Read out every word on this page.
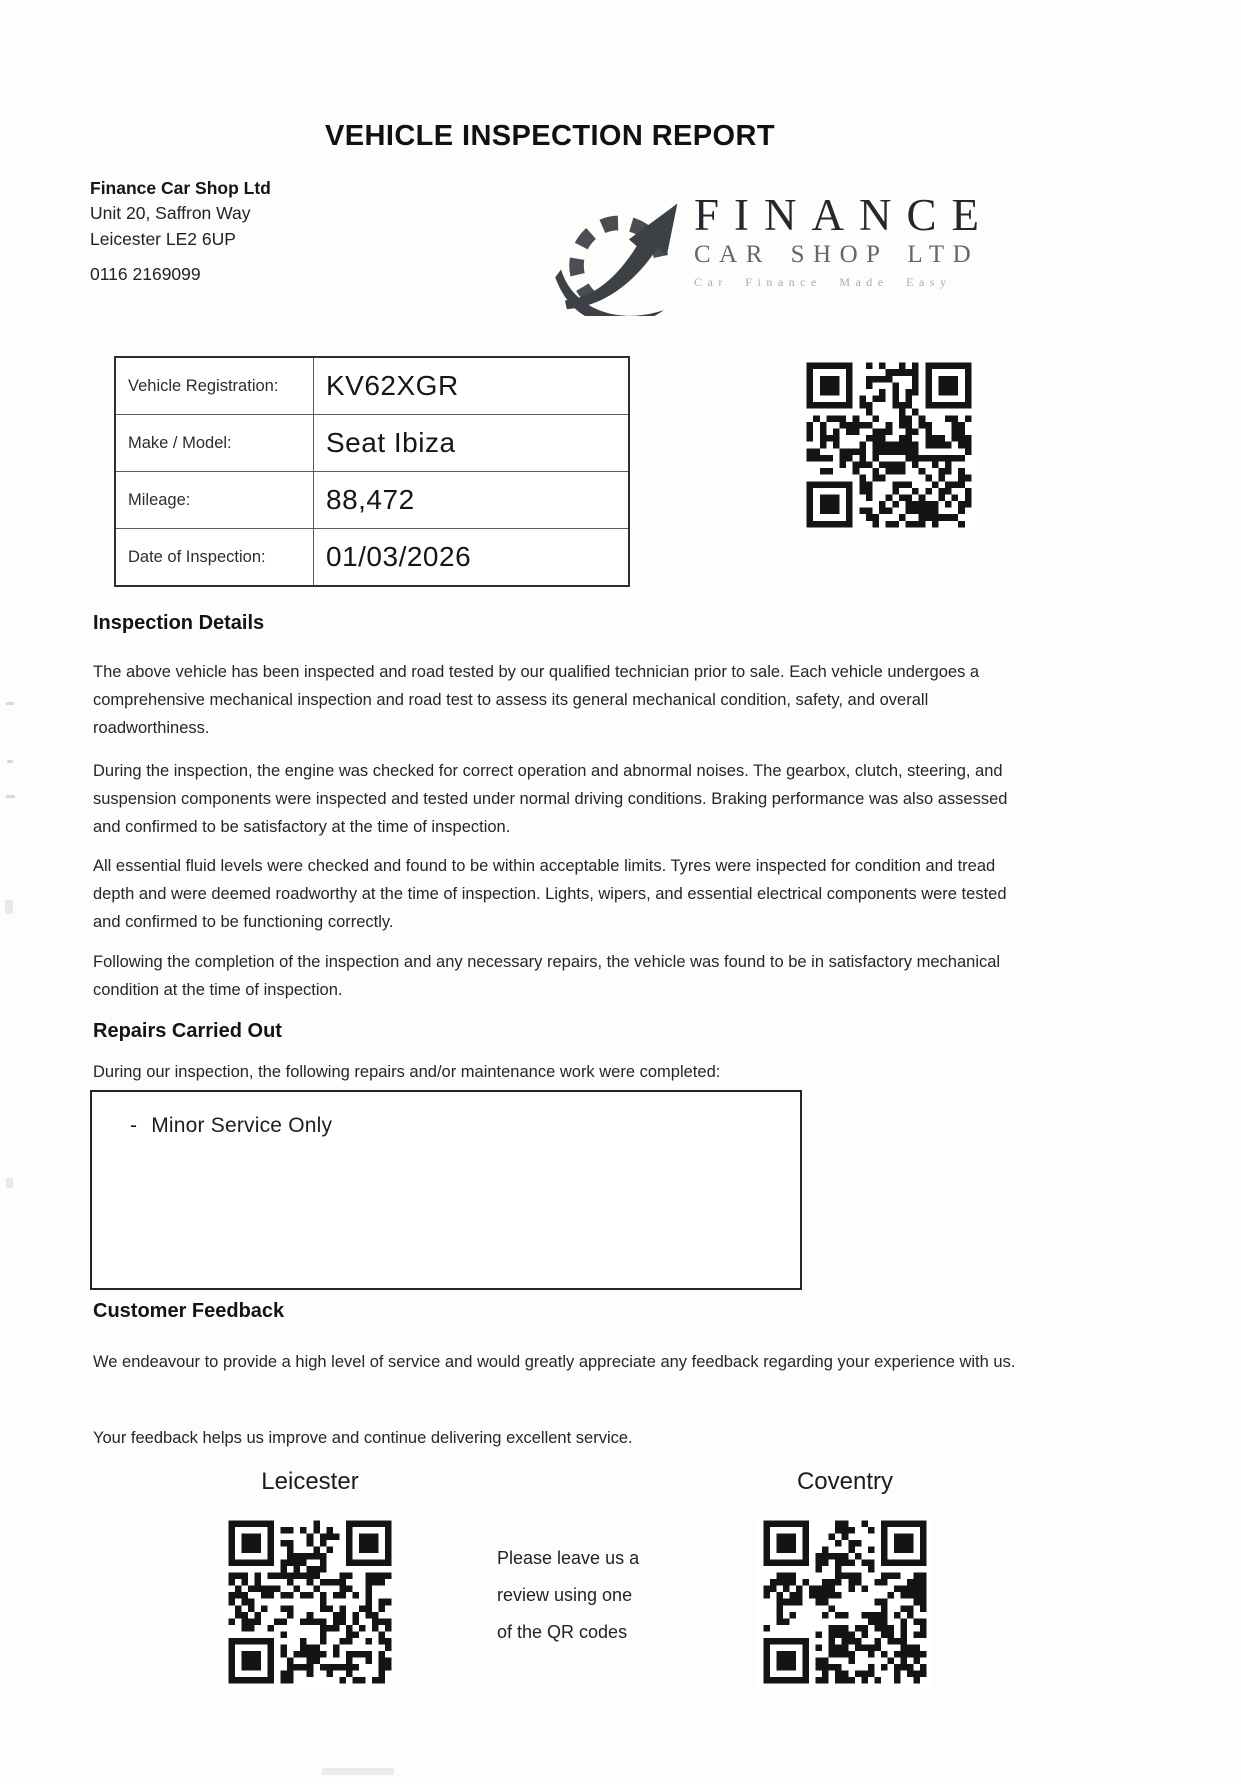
VEHICLE INSPECTION REPORT
Finance Car Shop Ltd
Unit 20, Saffron Way
Leicester LE2 6UP
0116 2169099
FINANCE
CAR SHOP LTD
Car Finance Made Easy
Vehicle Registration:	KV62XGR
Make / Model:	Seat Ibiza
Mileage:	88,472
Date of Inspection:	01/03/2026
Inspection Details
The above vehicle has been inspected and road tested by our qualified technician prior to sale. Each vehicle undergoes a comprehensive mechanical inspection and road test to assess its general mechanical condition, safety, and overall roadworthiness.
During the inspection, the engine was checked for correct operation and abnormal noises. The gearbox, clutch, steering, and suspension components were inspected and tested under normal driving conditions. Braking performance was also assessed and confirmed to be satisfactory at the time of inspection.
All essential fluid levels were checked and found to be within acceptable limits. Tyres were inspected for condition and tread depth and were deemed roadworthy at the time of inspection. Lights, wipers, and essential electrical components were tested and confirmed to be functioning correctly.
Following the completion of the inspection and any necessary repairs, the vehicle was found to be in satisfactory mechanical condition at the time of inspection.
Repairs Carried Out
During our inspection, the following repairs and/or maintenance work were completed:
- Minor Service Only
Customer Feedback
We endeavour to provide a high level of service and would greatly appreciate any feedback regarding your experience with us.
Your feedback helps us improve and continue delivering excellent service.
Leicester	Coventry
Please leave us a
review using one
of the QR codes
